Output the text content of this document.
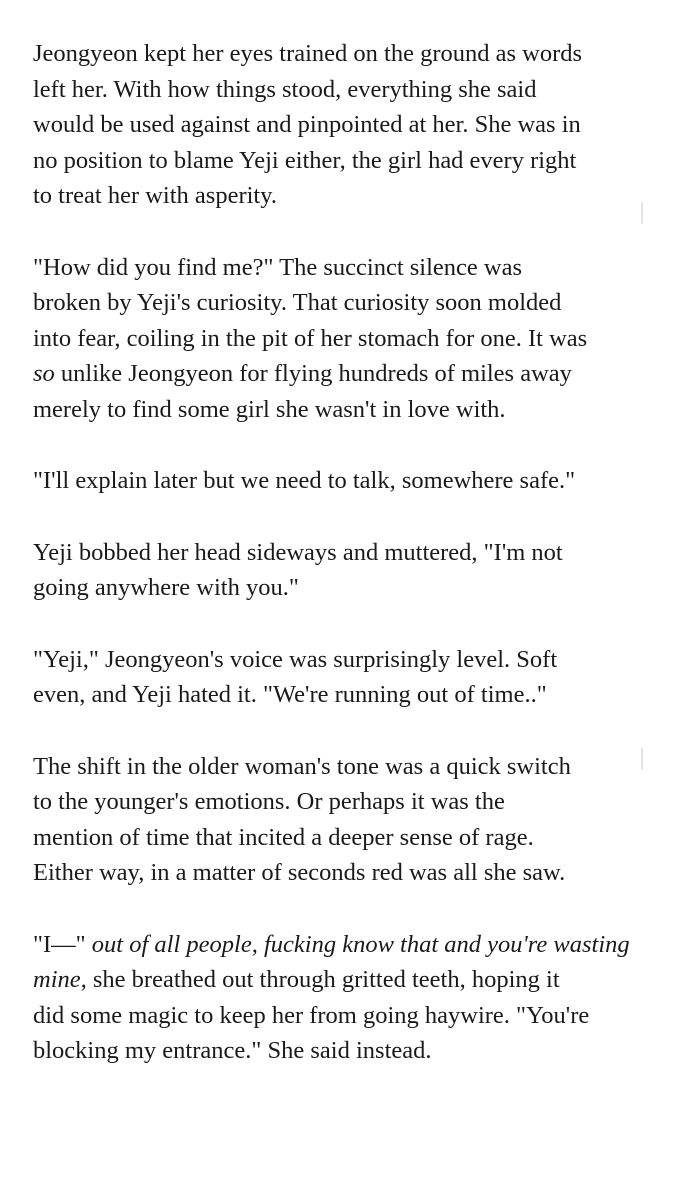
Jeongyeon kept her eyes trained on the ground as words
left her. With how things stood, everything she said
would be used against and pinpointed at her. She was in
no position to blame Yeji either, the girl had every right
to treat her with asperity.

"How did you find me?" The succinct silence was
broken by Yeji's curiosity. That curiosity soon molded
into fear, coiling in the pit of her stomach for one. It was
so unlike Jeongyeon for flying hundreds of miles away
merely to find some girl she wasn't in love with.

"I'll explain later but we need to talk, somewhere safe."

Yeji bobbed her head sideways and muttered, "I'm not
going anywhere with you."

"Yeji," Jeongyeon's voice was surprisingly level. Soft
even, and Yeji hated it. "We're running out of time.."

The shift in the older woman's tone was a quick switch
to the younger's emotions. Or perhaps it was the
mention of time that incited a deeper sense of rage.
Either way, in a matter of seconds red was all she saw.

"I—" out of all people, fucking know that and you're wasting
mine, she breathed out through gritted teeth, hoping it
did some magic to keep her from going haywire. "You're
blocking my entrance." She said instead.
